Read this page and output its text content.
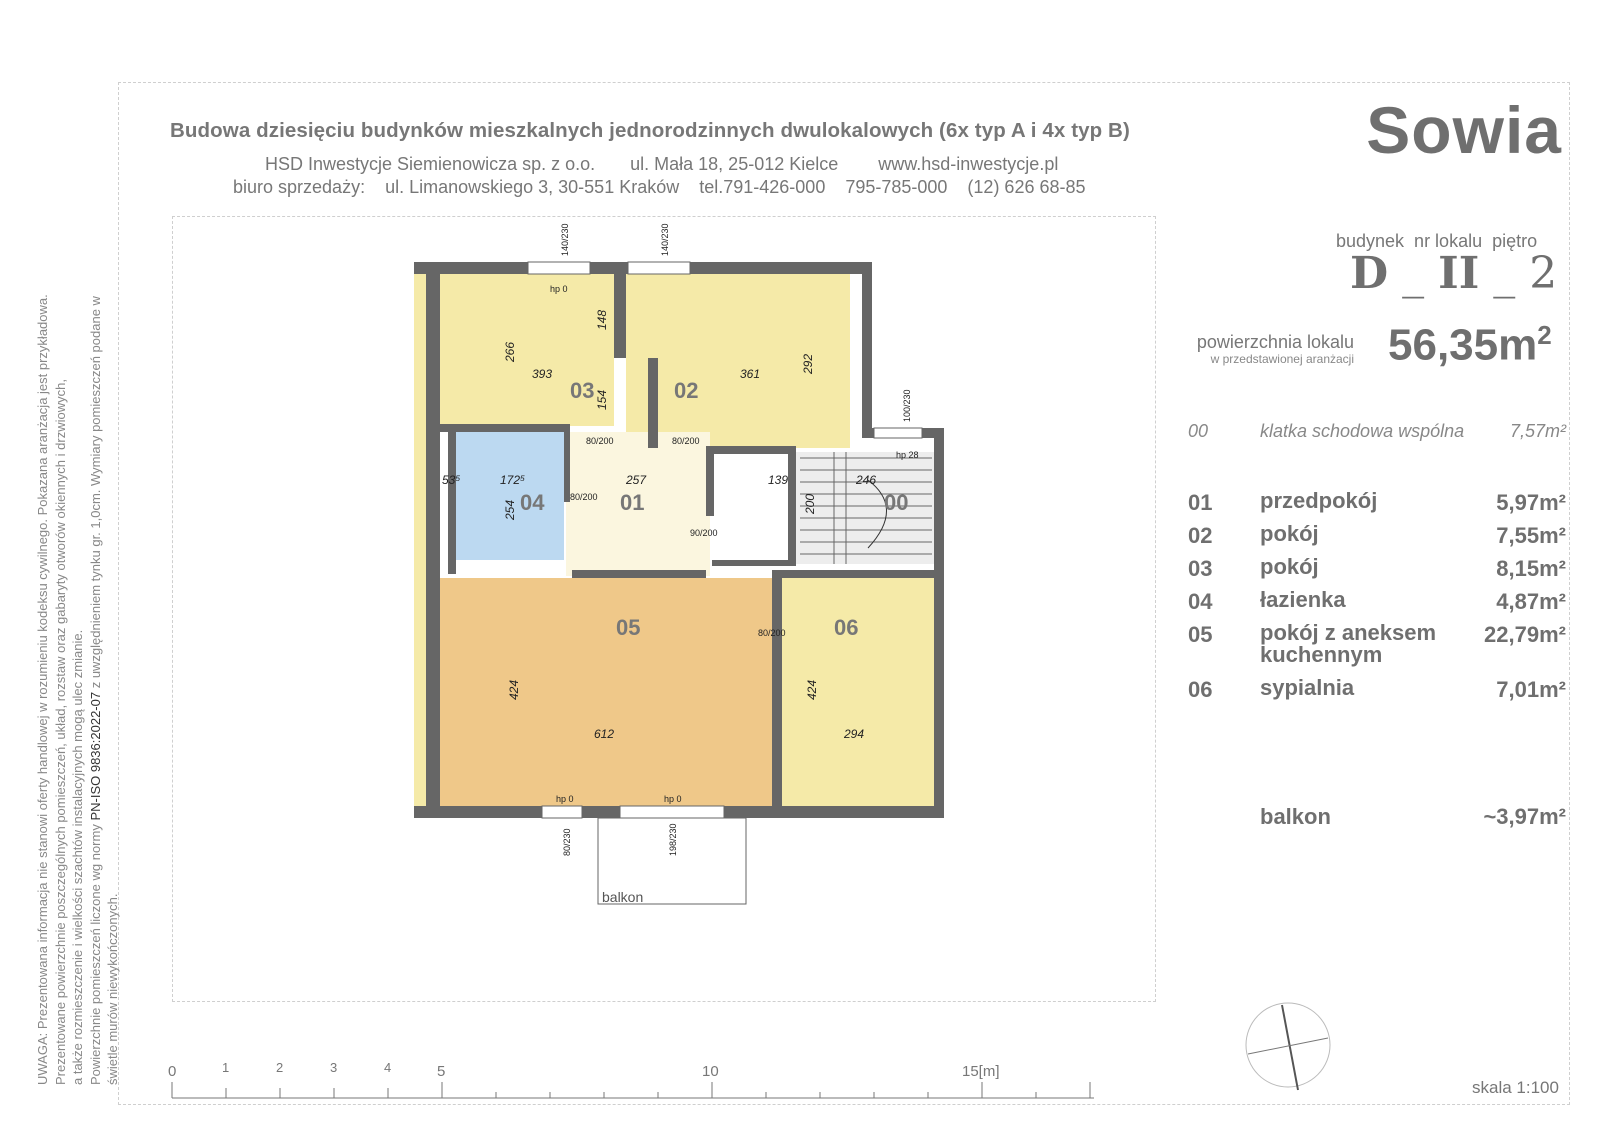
UWAGA: Prezentowana informacja nie stanowi oferty handlowej w rozumieniu kodeksu cywilnego. Pokazana aranżacja jest przykładowa. Prezentowane powierzchnie poszczególnych pomieszczeń, układ, rozstaw oraz gabaryty otworów okiennych i drzwiowych, a także rozmieszczenie i wielkości szachtów instalacyjnych mogą ulec zmianie. Powierzchnie pomieszczeń liczone wg normy PN-ISO 9836:2022-07 z uwzględnieniem tynku gr. 1,0cm. Wymiary pomieszczeń podane w
świetle murów niewykończonych.
Budowa dziesięciu budynków mieszkalnych jednorodzinnych dwulokalowych (6x typ A i 4x typ B)
HSD Inwestycje Siemienowicza sp. z o.o.       ul. Mała 18, 25-012 Kielce        www.hsd-inwestycje.pl
biuro sprzedaży:    ul. Limanowskiego 3, 30-551 Kraków    tel.791-426-000    795-785-000    (12) 626 68-85
Sowia
budynek  nr lokalu  piętro
D _ II _ 2
powierzchnia lokalu
w przedstawionej aranżacji $56,35m^2$
00	klatka schodowa wspólna	7,57m²
01 przedpokój	5,97m²
02 pokój	7,55m²
03 pokój	8,15m²
04 łazienka	4,87m²
05 pokój z aneksem kuchennym
22,79m²
06 sypialnia	7,01m²
balkon	~3,97m²
03	02
04	01	00
05	06
266
393
148
154
361	292
257	139	246
200
53⁵	172⁵
254
424
612
424
294
80/200	80/200
80/200
90/200
80/200
140/230	140/230
100/230
80/230	198/230
hp 0
hp 28
hp 0	hp 0
balkon
0	1	2	3	4	5	10	15[m]
skala 1:100
